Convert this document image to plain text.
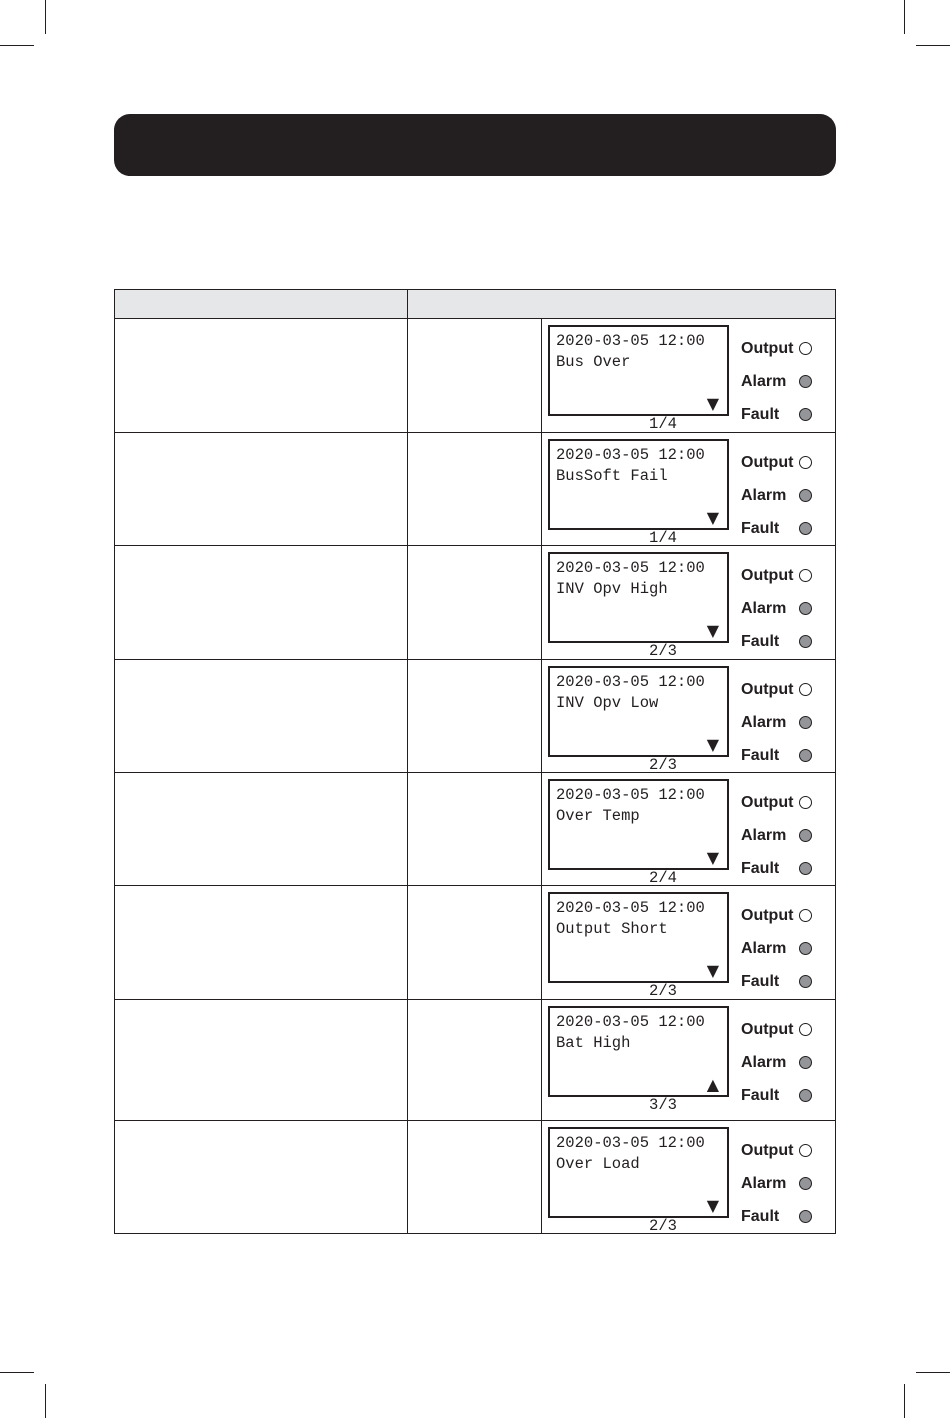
2020-03-05 12:00
Bus Over

1/4

▼

Output
Alarm
Fault
2020-03-05 12:00
BusSoft Fail

1/4

▼

Output
Alarm
Fault
2020-03-05 12:00
INV Opv High

2/3

▼

Output
Alarm
Fault
2020-03-05 12:00
INV Opv Low

2/3

▼

Output
Alarm
Fault
2020-03-05 12:00
Over Temp

2/4

▼

Output
Alarm
Fault
2020-03-05 12:00
Output Short

2/3

▼

Output
Alarm
Fault
2020-03-05 12:00
Bat High

3/3

▲

Output
Alarm
Fault
2020-03-05 12:00
Over Load

2/3

▼

Output
Alarm
Fault
